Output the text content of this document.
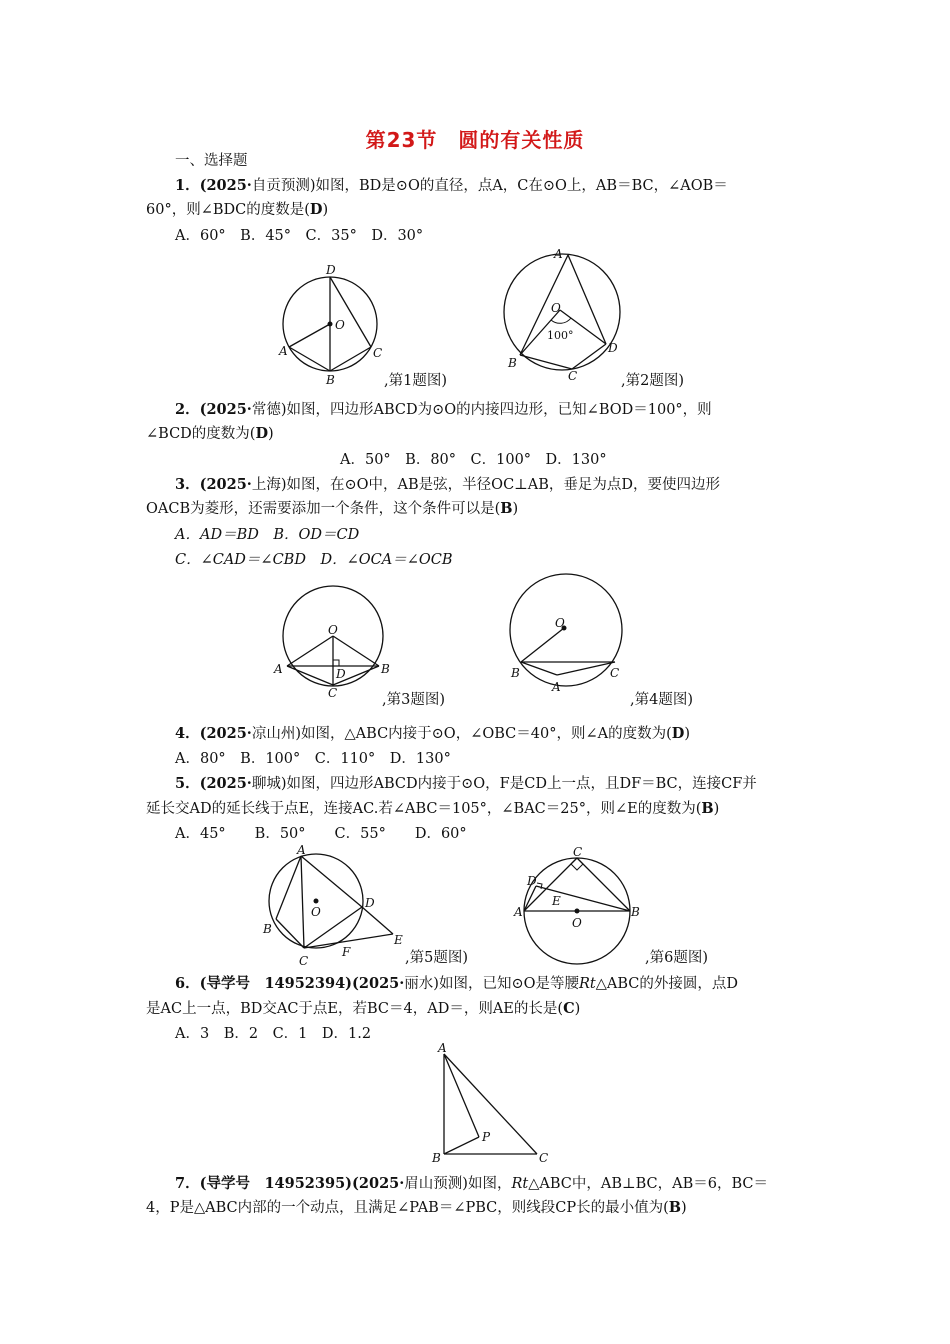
第23节　圆的有关性质
一、选择题
1．(2025·自贡预测)如图，BD是⊙O的直径，点A，C在⊙O上，AB＝BC，∠AOB＝
60°，则∠BDC的度数是(D)
A．60°　B．45°　C．35°　D．30°
D
O
A	C
B	,第1题图)
A
O
100°
B
C
D
,第2题图)
2．(2025·常德)如图，四边形ABCD为⊙O的内接四边形，已知∠BOD＝100°，则
∠BCD的度数为(D)
A．50°　B．80°　C．100°　D．130°
3．(2025·上海)如图，在⊙O中，AB是弦，半径OC⊥AB，垂足为点D，要使四边形
OACB为菱形，还需要添加一个条件，这个条件可以是(B)
A．AD＝BD　B．OD＝CD
C．∠CAD＝∠CBD　D．∠OCA＝∠OCB
O
A	B
D
C	,第3题图)
O
B
A
C
,第4题图)
4．(2025·凉山州)如图，△ABC内接于⊙O，∠OBC＝40°，则∠A的度数为(D)
A．80°　B．100°　C．110°　D．130°
5．(2025·聊城)如图，四边形ABCD内接于⊙O，F是CD上一点，且DF＝BC，连接CF并
延长交AD的延长线于点E，连接AC.若∠ABC＝105°，∠BAC＝25°，则∠E的度数为(B)
A．45°　　B．50°　　C．55°　　D．60°
A
O
D
B
F
E
C	,第5题图)
C
D
E
A	B
O
,第6题图)
6．(导学号　14952394)(2025·丽水)如图，已知⊙O是等腰Rt△ABC的外接圆，点D
是AC上一点，BD交AC于点E，若BC＝4，AD＝，则AE的长是(C)
A．3　B．2　C．1　D．1.2
A
P
B	C
7．(导学号　14952395)(2025·眉山预测)如图，Rt△ABC中，AB⊥BC，AB＝6，BC＝
4，P是△ABC内部的一个动点，且满足∠PAB＝∠PBC，则线段CP长的最小值为(B)
